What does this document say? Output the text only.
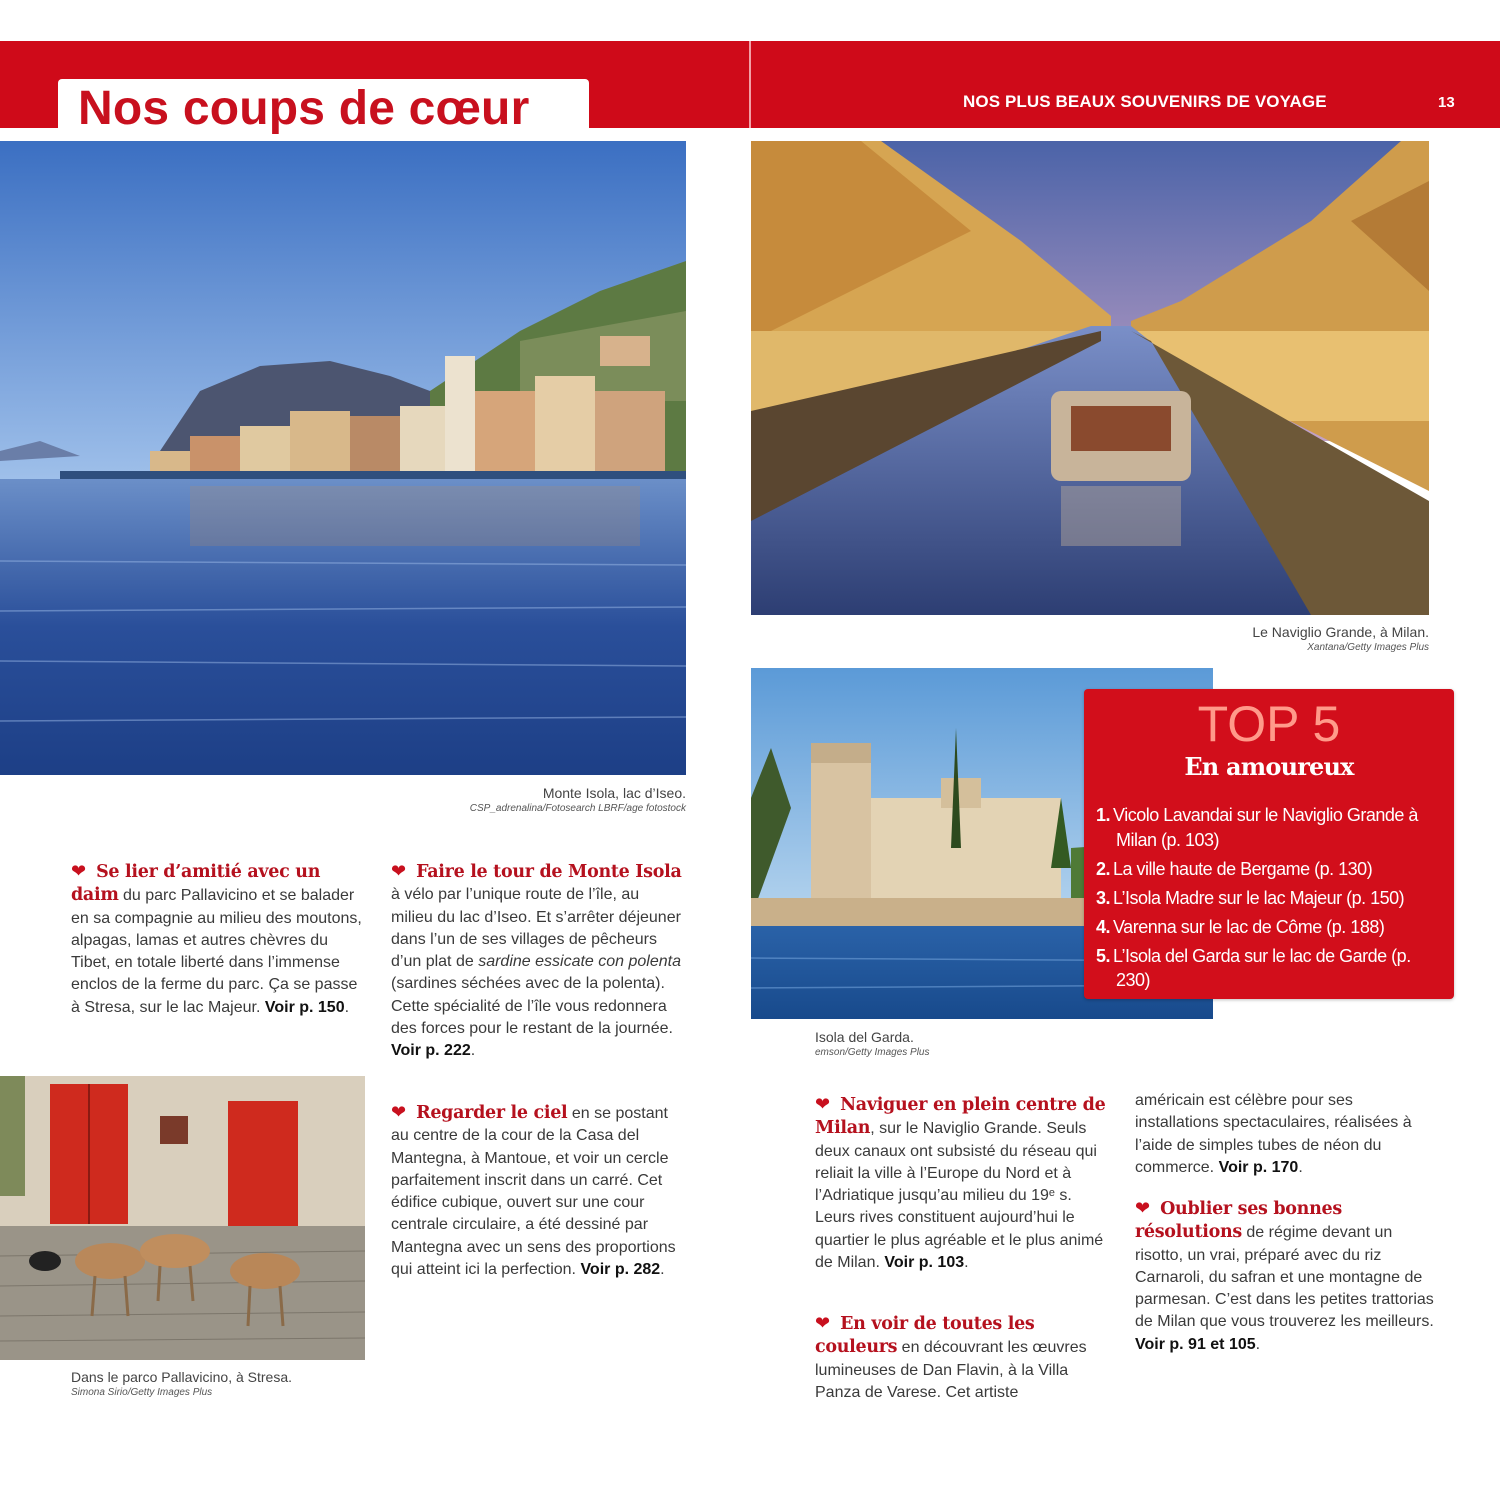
Nos coups de cœur	NOS PLUS BEAUX SOUVENIRS DE VOYAGE	13
Monte Isola, lac d’Iseo.
CSP_adrenalina/Fotosearch LBRF/age fotostock
Le Naviglio Grande, à Milan.
Xantana/Getty Images Plus
Isola del Garda.
emson/Getty Images Plus
TOP 5
En amoureux
1. Vicolo Lavandai sur le Naviglio Grande à Milan (p. 103)
2. La ville haute de Bergame (p. 130)
3. L’Isola Madre sur le lac Majeur (p. 150)
4. Varenna sur le lac de Côme (p. 188)
5. L’Isola del Garda sur le lac de Garde (p. 230)
Dans le parco Pallavicino, à Stresa.
Simona Sirio/Getty Images Plus

❤ Se lier d’amitié avec un daim du parc Pallavicino et se balader en sa compagnie au milieu des moutons, alpagas, lamas et autres chèvres du Tibet, en totale liberté dans l’immense enclos de la ferme du parc. Ça se passe à Stresa, sur le lac Majeur. Voir p. 150.

❤ Faire le tour de Monte Isola à vélo par l’unique route de l’île, au milieu du lac d’Iseo. Et s’arrêter déjeuner dans l’un de ses villages de pêcheurs d’un plat de sardine essicate con polenta (sardines séchées avec de la polenta). Cette spécialité de l’île vous redonnera des forces pour le restant de la journée. Voir p. 222.

❤ Regarder le ciel en se postant au centre de la cour de la Casa del Mantegna, à Mantoue, et voir un cercle parfaitement inscrit dans un carré. Cet édifice cubique, ouvert sur une cour centrale circulaire, a été dessiné par Mantegna avec un sens des proportions qui atteint ici la perfection. Voir p. 282.

❤ Naviguer en plein centre de Milan, sur le Naviglio Grande. Seuls deux canaux ont subsisté du réseau qui reliait la ville à l’Europe du Nord et à l’Adriatique jusqu’au milieu du 19ᵉ s. Leurs rives constituent aujourd’hui le quartier le plus agréable et le plus animé de Milan. Voir p. 103.

❤ En voir de toutes les couleurs en découvrant les œuvres lumineuses de Dan Flavin, à la Villa Panza de Varese. Cet artiste

américain est célèbre pour ses installations spectaculaires, réalisées à l’aide de simples tubes de néon du commerce. Voir p. 170.

❤ Oublier ses bonnes résolutions de régime devant un risotto, un vrai, préparé avec du riz Carnaroli, du safran et une montagne de parmesan. C’est dans les petites trattorias de Milan que vous trouverez les meilleurs. Voir p. 91 et 105.
